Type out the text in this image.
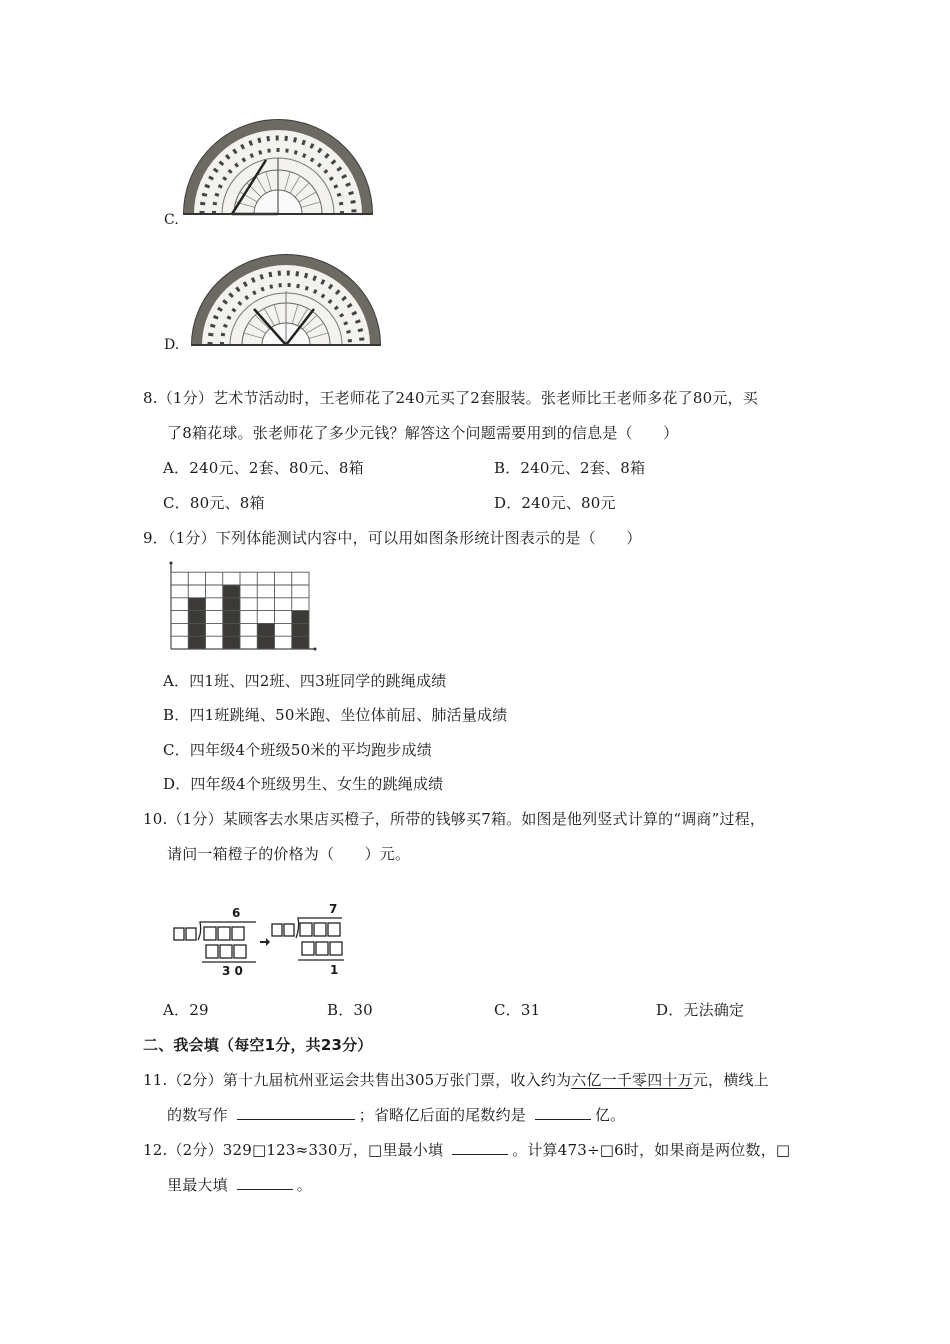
C.
D.
8.（1分）艺术节活动时，王老师花了240元买了2套服装。张老师比王老师多花了80元，买
了8箱花球。张老师花了多少元钱？解答这个问题需要用到的信息是（　　）
A．240元、2套、80元、8箱	B．240元、2套、8箱
C．80元、8箱	D．240元、80元
9．（1分）下列体能测试内容中，可以用如图条形统计图表示的是（　　）
A．四1班、四2班、四3班同学的跳绳成绩
B．四1班跳绳、50米跑、坐位体前屈、肺活量成绩
C．四年级4个班级50米的平均跑步成绩
D．四年级4个班级男生、女生的跳绳成绩
10.（1分）某顾客去水果店买橙子，所带的钱够买7箱。如图是他列竖式计算的“调商”过程，
请问一箱橙子的价格为（　　）元。
6
3 0
7
1
A．29	B．30	C．31	D．无法确定
二、我会填（每空1分，共23分）
11.（2分）第十九届杭州亚运会共售出305万张门票，收入约为六亿一千零四十万元，横线上
的数写作	；省略亿后面的尾数约是	亿。
12.（2分）329□123≈330万，□里最小填	。计算473÷□6时，如果商是两位数，□
里最大填	。
